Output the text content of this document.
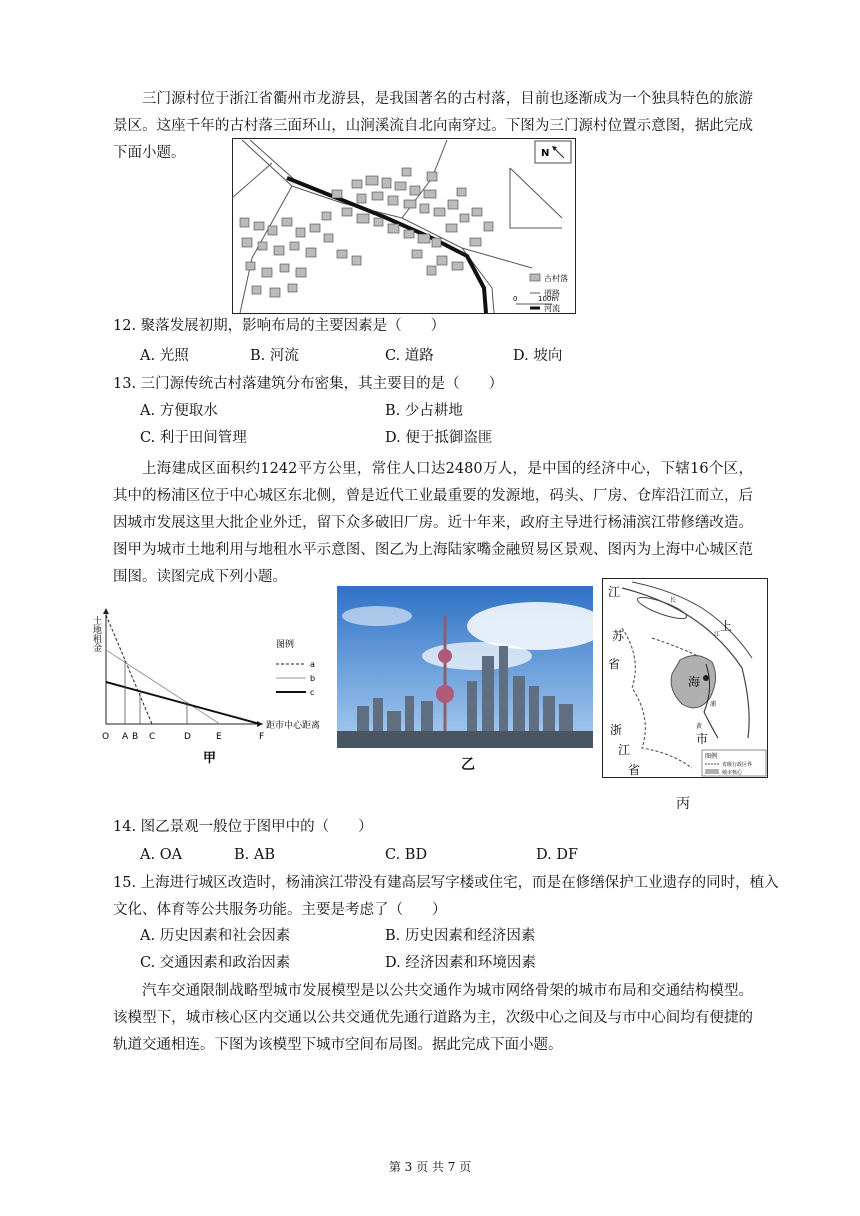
三门源村位于浙江省衢州市龙游县，是我国著名的古村落，目前也逐渐成为一个独具特色的旅游景区。这座千年的古村落三面环山，山涧溪流自北向南穿过。下图为三门源村位置示意图，据此完成下面小题。	N
古村落
道路
河流
0	100m
12. 聚落发展初期，影响布局的主要因素是（　　）
A. 光照	B. 河流	C. 道路	D. 坡向
13. 三门源传统古村落建筑分布密集，其主要目的是（　　）
A. 方便取水	B. 少占耕地
C. 利于田间管理	D. 便于抵御盗匪
上海建成区面积约1242平方公里，常住人口达2480万人，是中国的经济中心，下辖16个区，其中的杨浦区位于中心城区东北侧，曾是近代工业最重要的发源地，码头、厂房、仓库沿江而立，后因城市发展这里大批企业外迁，留下众多破旧厂房。近十年来，政府主导进行杨浦滨江带修缮改造。图甲为城市土地利用与地租水平示意图、图乙为上海陆家嘴金融贸易区景观、图丙为上海中心城区范围图。读图完成下列小题。
土地租金
距市中心距离
O A B C	D	E	F
图例
a
b
c
甲	乙
江
苏
省
上
海
市
浙
江
省
长
江
黄
浦
图例
省级行政区界
城市核心
丙
14. 图乙景观一般位于图甲中的（　　）
A. OA	B. AB	C. BD	D. DF
15. 上海进行城区改造时，杨浦滨江带没有建高层写字楼或住宅，而是在修缮保护工业遗存的同时，植入
文化、体育等公共服务功能。主要是考虑了（　　）
A. 历史因素和社会因素	B. 历史因素和经济因素
C. 交通因素和政治因素	D. 经济因素和环境因素
汽车交通限制战略型城市发展模型是以公共交通作为城市网络骨架的城市布局和交通结构模型。该模型下，城市核心区内交通以公共交通优先通行道路为主，次级中心之间及与市中心间均有便捷的轨道交通相连。下图为该模型下城市空间布局图。据此完成下面小题。
第 3 页 共 7 页
